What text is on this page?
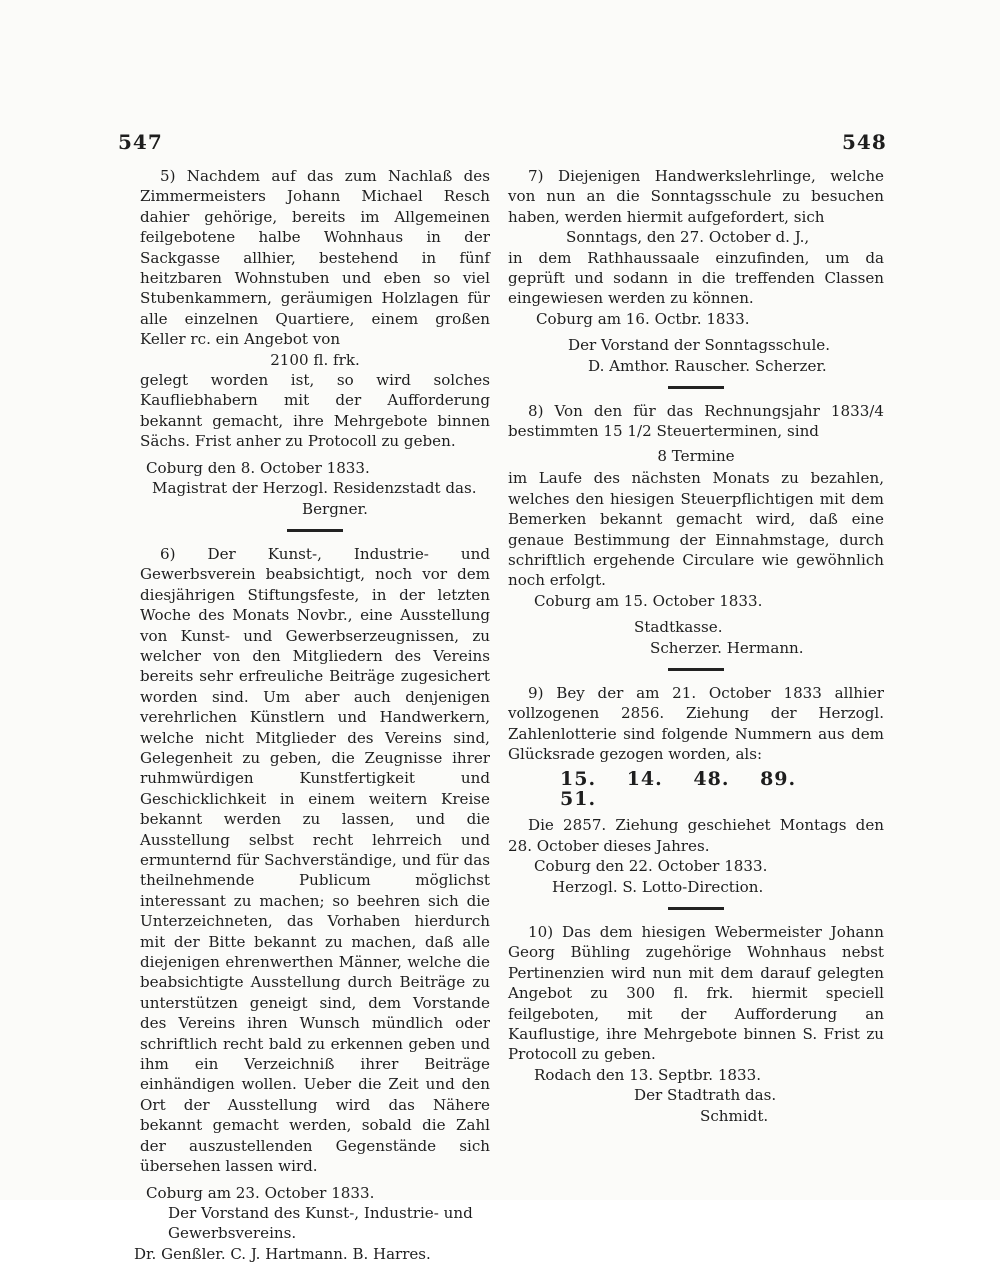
547	548

5) Nachdem auf das zum Nachlaß des Zimmermeisters Johann Michael Resch dahier gehörige, bereits im Allgemeinen feilgebotene halbe Wohnhaus in der Sackgasse allhier, bestehend in fünf heitzbaren Wohnstuben und eben so viel Stubenkammern, geräumigen Holzlagen für alle einzelnen Quartiere, einem großen Keller rc. ein Angebot von

2100 fl. frk.

gelegt worden ist, so wird solches Kaufliebhabern mit der Aufforderung bekannt gemacht, ihre Mehrgebote binnen Sächs. Frist anher zu Protocoll zu geben.

Coburg den 8. October 1833.
Magistrat der Herzogl. Residenzstadt das.
Bergner.

6) Der Kunst-, Industrie- und Gewerbsverein beabsichtigt, noch vor dem diesjährigen Stiftungsfeste, in der letzten Woche des Monats Novbr., eine Ausstellung von Kunst- und Gewerbserzeugnissen, zu welcher von den Mitgliedern des Vereins bereits sehr erfreuliche Beiträge zugesichert worden sind. Um aber auch denjenigen verehrlichen Künstlern und Handwerkern, welche nicht Mitglieder des Vereins sind, Gelegenheit zu geben, die Zeugnisse ihrer ruhmwürdigen Kunstfertigkeit und Geschicklichkeit in einem weitern Kreise bekannt werden zu lassen, und die Ausstellung selbst recht lehrreich und ermunternd für Sachverständige, und für das theilnehmende Publicum möglichst interessant zu machen; so beehren sich die Unterzeichneten, das Vorhaben hierdurch mit der Bitte bekannt zu machen, daß alle diejenigen ehrenwerthen Männer, welche die beabsichtigte Ausstellung durch Beiträge zu unterstützen geneigt sind, dem Vorstande des Vereins ihren Wunsch mündlich oder schriftlich recht bald zu erkennen geben und ihm ein Verzeichniß ihrer Beiträge einhändigen wollen. Ueber die Zeit und den Ort der Ausstellung wird das Nähere bekannt gemacht werden, sobald die Zahl der auszustellenden Gegenstände sich übersehen lassen wird.

Coburg am 23. October 1833.
Der Vorstand des Kunst-, Industrie- und Gewerbsvereins.
Dr. Genßler. C. J. Hartmann. B. Harres.

7) Diejenigen Handwerkslehrlinge, welche von nun an die Sonntagsschule zu besuchen haben, werden hiermit aufgefordert, sich

Sonntags, den 27. October d. J.,

in dem Rathhaussaale einzufinden, um da geprüft und sodann in die treffenden Classen eingewiesen werden zu können.

Coburg am 16. Octbr. 1833.
Der Vorstand der Sonntagsschule.
D. Amthor. Rauscher. Scherzer.

8) Von den für das Rechnungsjahr 1833/4 bestimmten 15 1/2 Steuerterminen, sind

8 Termine

im Laufe des nächsten Monats zu bezahlen, welches den hiesigen Steuerpflichtigen mit dem Bemerken bekannt gemacht wird, daß eine genaue Bestimmung der Einnahmstage, durch schriftlich ergehende Circulare wie gewöhnlich noch erfolgt.

Coburg am 15. October 1833.
Stadtkasse.
Scherzer. Hermann.

9) Bey der am 21. October 1833 allhier vollzogenen 2856. Ziehung der Herzogl. Zahlenlotterie sind folgende Nummern aus dem Glücksrade gezogen worden, als:

15. 14. 48. 89. 51.

Die 2857. Ziehung geschiehet Montags den 28. October dieses Jahres.

Coburg den 22. October 1833.
Herzogl. S. Lotto-Direction.

10) Das dem hiesigen Webermeister Johann Georg Bühling zugehörige Wohnhaus nebst Pertinenzien wird nun mit dem darauf gelegten Angebot zu 300 fl. frk. hiermit speciell feilgeboten, mit der Aufforderung an Kauflustige, ihre Mehrgebote binnen S. Frist zu Protocoll zu geben.

Rodach den 13. Septbr. 1833.
Der Stadtrath das.
Schmidt.
